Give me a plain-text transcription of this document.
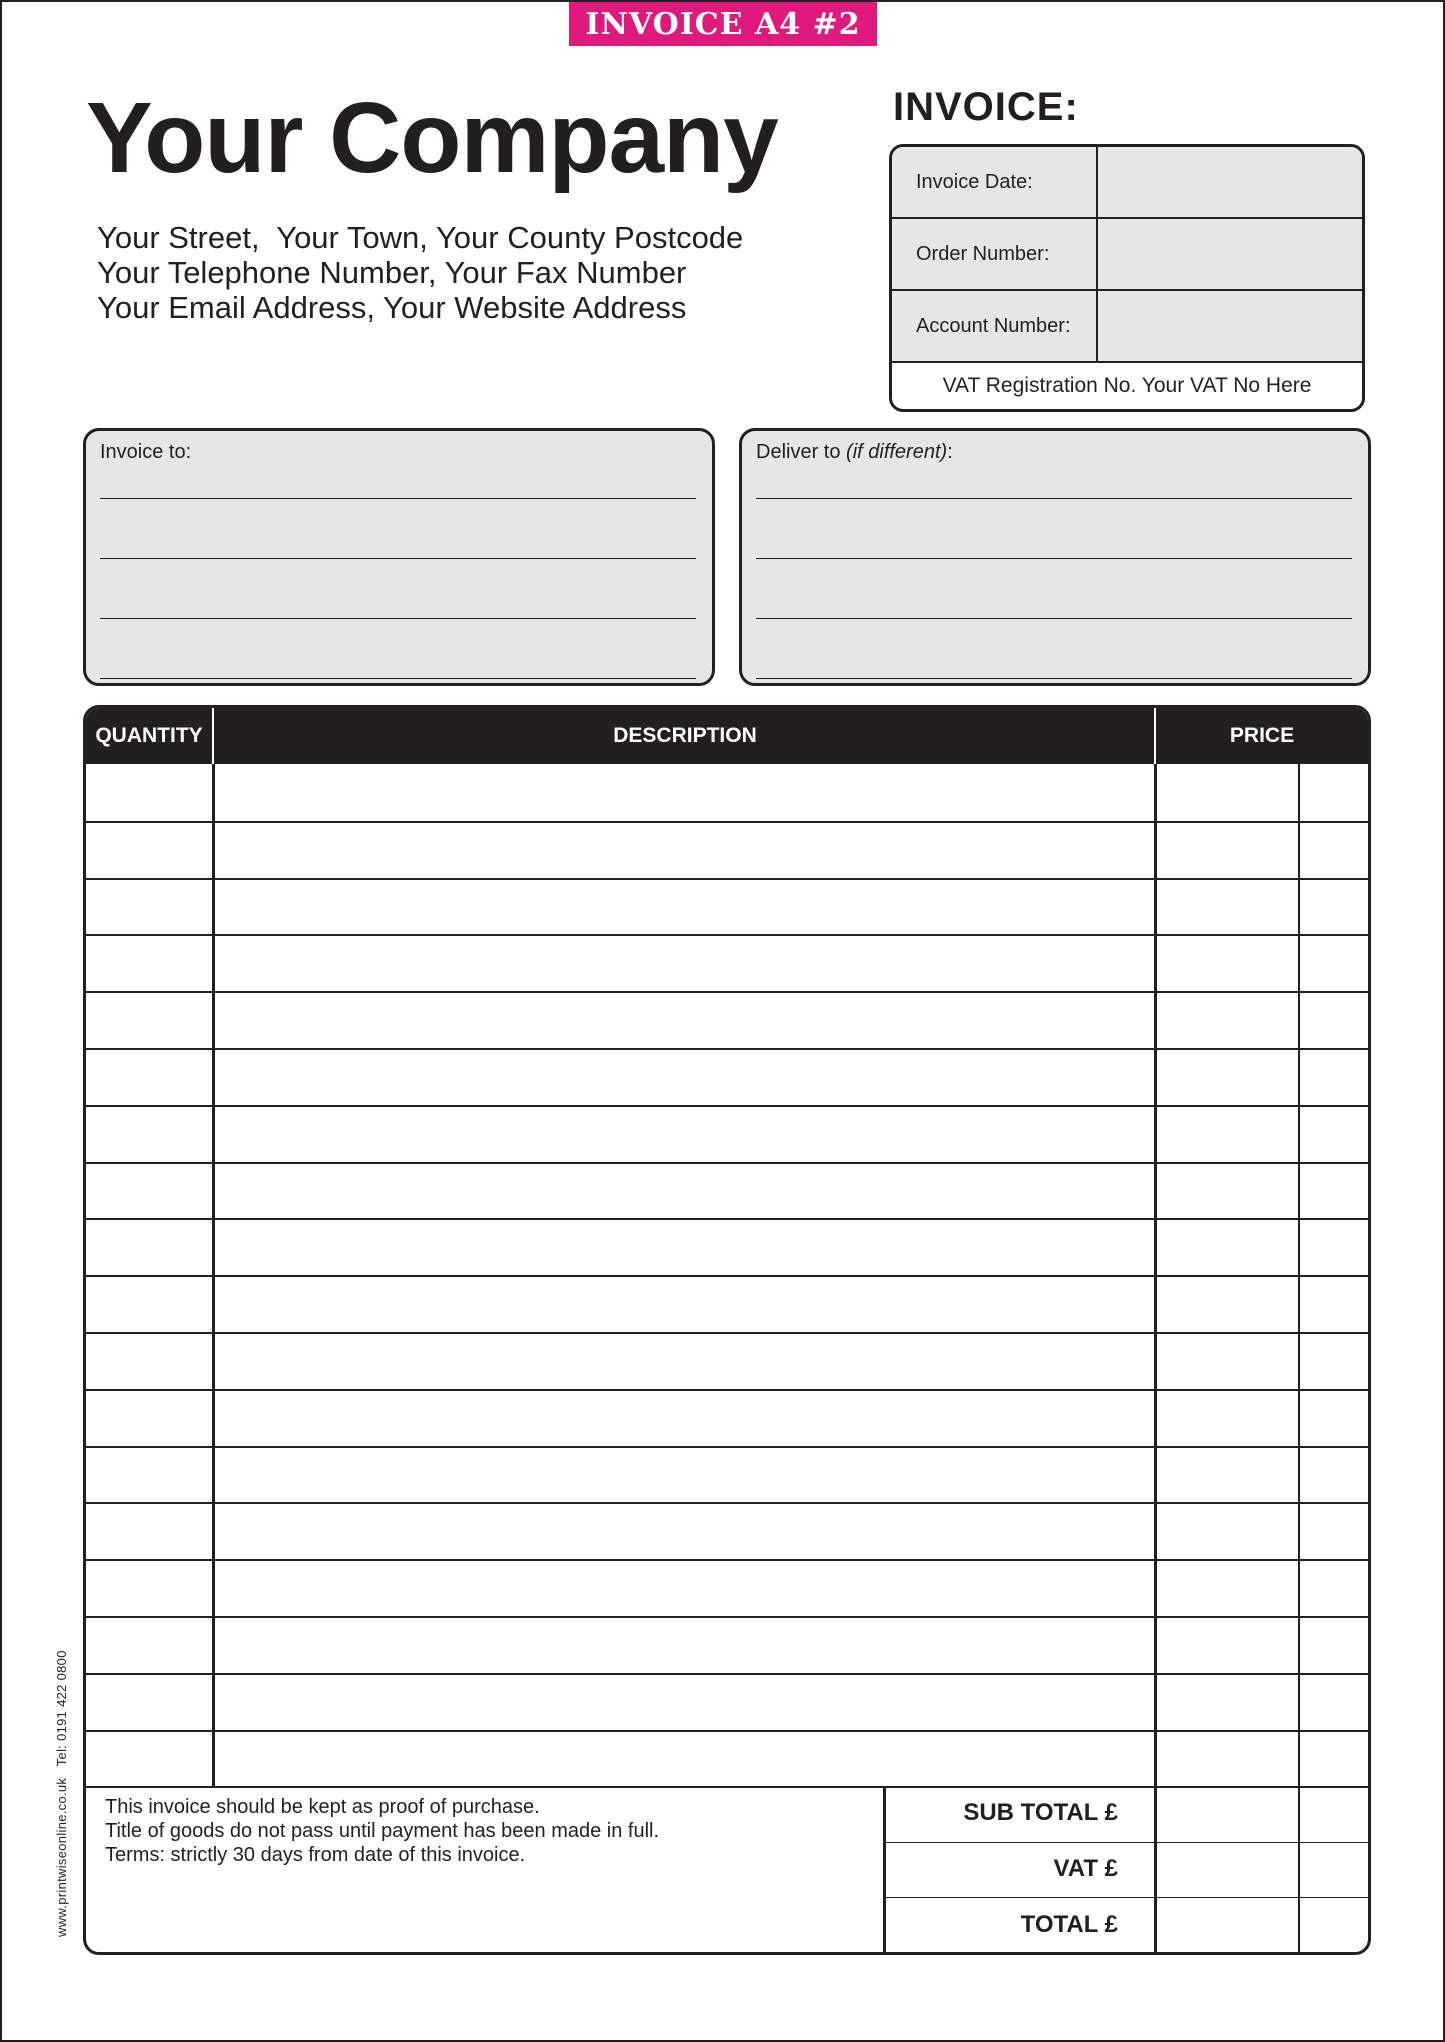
INVOICE A4 #2
Your Company
Your Street,  Your Town, Your County Postcode
Your Telephone Number, Your Fax Number
Your Email Address, Your Website Address
INVOICE:
Invoice Date:
Order Number:
Account Number:
VAT Registration No. Your VAT No Here
Invoice to:	Deliver to (if different):
QUANTITY	DESCRIPTION	PRICE
This invoice should be kept as proof of purchase.
Title of goods do not pass until payment has been made in full.
Terms: strictly 30 days from date of this invoice.
SUB TOTAL £
VAT £
TOTAL £
www.printwiseonline.co.uk   Tel: 0191 422 0800
